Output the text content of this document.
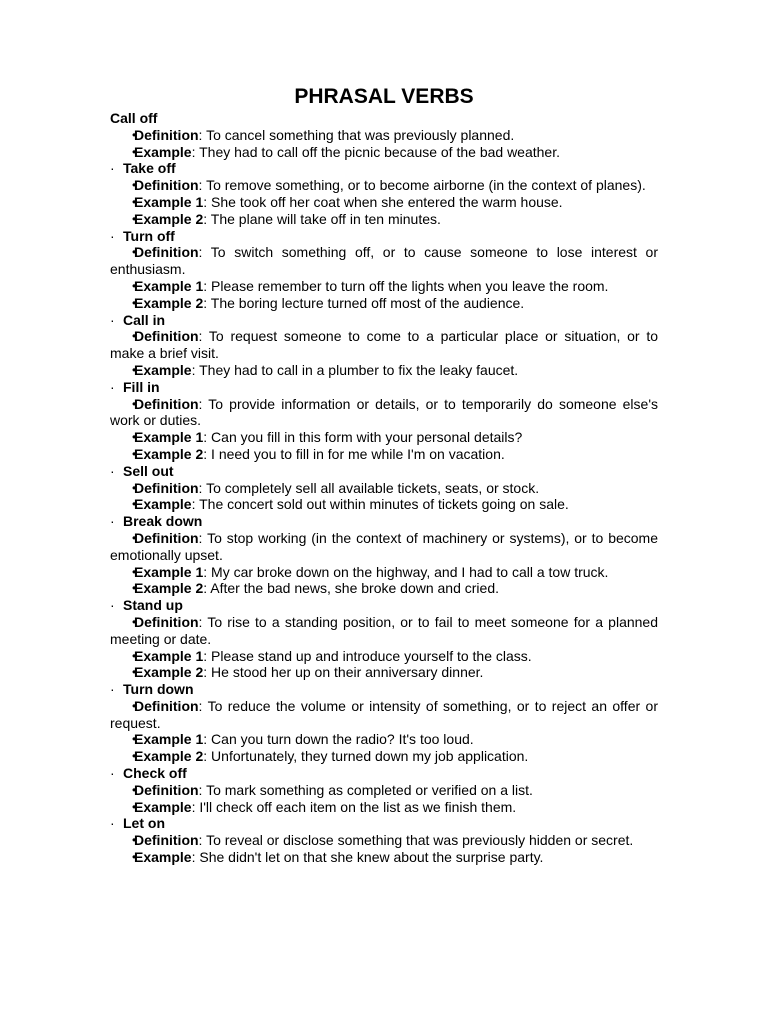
PHRASAL VERBS
Call off
Definition: To cancel something that was previously planned.
Example: They had to call off the picnic because of the bad weather.
· Take off
Definition: To remove something, or to become airborne (in the context of planes).
Example 1: She took off her coat when she entered the warm house.
Example 2: The plane will take off in ten minutes.
· Turn off
Definition: To switch something off, or to cause someone to lose interest or enthusiasm.
Example 1: Please remember to turn off the lights when you leave the room.
Example 2: The boring lecture turned off most of the audience.
· Call in
Definition: To request someone to come to a particular place or situation, or to make a brief visit.
Example: They had to call in a plumber to fix the leaky faucet.
· Fill in
Definition: To provide information or details, or to temporarily do someone else's work or duties.
Example 1: Can you fill in this form with your personal details?
Example 2: I need you to fill in for me while I'm on vacation.
· Sell out
Definition: To completely sell all available tickets, seats, or stock.
Example: The concert sold out within minutes of tickets going on sale.
· Break down
Definition: To stop working (in the context of machinery or systems), or to become emotionally upset.
Example 1: My car broke down on the highway, and I had to call a tow truck.
Example 2: After the bad news, she broke down and cried.
· Stand up
Definition: To rise to a standing position, or to fail to meet someone for a planned meeting or date.
Example 1: Please stand up and introduce yourself to the class.
Example 2: He stood her up on their anniversary dinner.
· Turn down
Definition: To reduce the volume or intensity of something, or to reject an offer or request.
Example 1: Can you turn down the radio? It's too loud.
Example 2: Unfortunately, they turned down my job application.
· Check off
Definition: To mark something as completed or verified on a list.
Example: I'll check off each item on the list as we finish them.
· Let on
Definition: To reveal or disclose something that was previously hidden or secret.
Example: She didn't let on that she knew about the surprise party.
